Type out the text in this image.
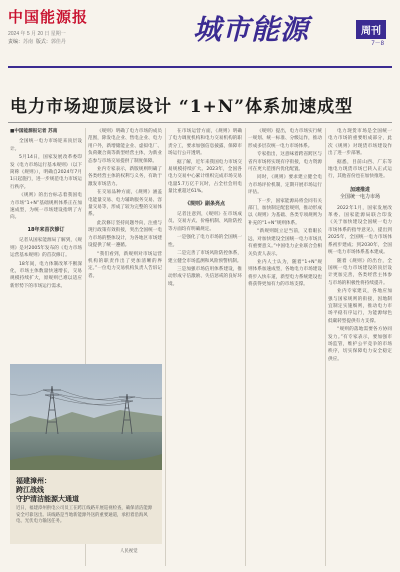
中国能源报
2024 年 5 月 20 日 星期一
责编：苏南 版式：郭佳丹	城市能源	周刊
7－8
电力市场迎顶层设计 “1+N”体系加速成型

■中国能源报记者 苏南

全国统一电力市场迎来顶层设计。

5月14日，国家发展改革委印发《电力市场运行基本规则》（以下简称《规则》），明确自2024年7月1日起施行，进一步规范电力市场运行秩序。

《规则》的出台标志着我国电力市场“1+N”基础规则体系正在加速成型，为统一市场建设指明了方向。

18年来首次修订

记者从国家能源局了解到，《规则》是对2005年发布的《电力市场运营基本规则》的首次修订。

18年间，电力体制改革不断深化，市场主体数量快速增长，交易规模持续扩大，原规则已难以适应新形势下的市场运行需求。

《规则》明确了电力市场的成员范围，除发电企业、售电企业、电力用户外，新增储能企业、虚拟电厂、负荷聚合商等新型经营主体，为新业态参与市场交易提供了制度保障。

业内专家表示，新版规则明确了各类经营主体的权利与义务，有助于激发市场活力。

在交易品种方面，《规则》涵盖电能量交易、电力辅助服务交易、容量交易等，形成了较为完整的交易体系。

此次修订坚持问题导向，注重与现行政策有效衔接，突出全国统一电力市场的整体设计，为各地区市场建设提供了统一遵循。

“我们看到，新规则对市场运营机构的职责作出了更加清晰的界定。”一位电力交易机构负责人告诉记者。

在市场运营方面，《规则》明确了电力调度机构和电力交易机构的职责分工，要求加强信息披露，保障市场运行公开透明。

据了解，近年来我国电力市场交易规模持续扩大。2023年，全国各电力交易中心累计组织完成市场交易电量5.7万亿千瓦时，占全社会用电量比重超过61%。

《规则》副条亮点

记者注意到，《规则》在市场成员、交易方式、价格机制、风险防控等方面均有明确规定。

一是强化了电力市场的全国统一性。

二是完善了市场风险防控体系，建立健全市场监测和风险预警机制。

三是加强市场信用体系建设，推动形成守信激励、失信惩戒的良好环境。

《规则》提出，电力市场实行统一规划、统一标准、分级运作，推动形成多层次统一电力市场体系。

专家指出，这意味着跨省跨区与省内市场将实现有序衔接，电力资源可在更大范围内优化配置。

同时，《规则》要求建立健全电力市场评价机制，定期开展市场运行评估。

下一步，国家能源局将会同有关部门，加快制定配套规则，推动形成以《规则》为基础、各类专项规则为补充的“1+N”规则体系。

“新规则既立足当前，又着眼长远，对加快建设全国统一电力市场具有重要意义。”中国电力企业联合会相关负责人表示。

业内人士认为，随着“1+N”规则体系加速成型，各地电力市场建设将步入快车道，新型电力系统建设也将获得更加有力的市场支撑。

电力现货市场是全国统一电力市场的重要组成部分，此次《规则》对现货市场建设作出了进一步部署。

据悉，目前山西、广东等地电力现货市场已转入正式运行，其他省份也在加快推进。

加速推进
全国统一电力市场

2022年1月，国家发展改革委、国家能源局联合印发《关于加快建设全国统一电力市场体系的指导意见》，提出到2025年，全国统一电力市场体系初步建成；到2030年，全国统一电力市场体系基本建成。

随着《规则》的出台，全国统一电力市场建设的顶层设计更加完善，各类经营主体参与市场的积极性将持续提升。

业内专家建议，各地应加强与国家规则的衔接，因地制宜制定实施细则，推动电力市场平稳有序运行，为能源绿色低碳转型提供有力支撑。

“规则的落地需要各方协同发力。”有专家表示，要加强市场监管，维护公平竞争的市场秩序，切实保障电力安全稳定供应。

福建漳州：
跨江战线
守护清洁能源大通道
近日，福建漳州供电公司员工在跨江线路开展巡视检查，确保清洁能源安全可靠送出。该线路是当地新能源外送的重要通道，承担着沿海风电、光伏电力输送任务。
人民视觉
